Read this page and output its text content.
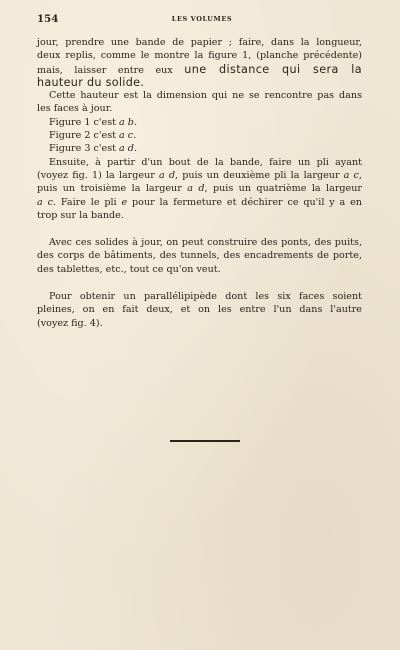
154	LES VOLUMES
jour, prendre une bande de papier ; faire, dans la longueur,
deux replis, comme le montre la figure 1, (planche précédente)
mais, laisser entre eux une distance qui sera la
hauteur du solide.
Cette hauteur est la dimension qui ne se rencontre pas dans
les faces à jour.
Figure 1 c'est a b.
Figure 2 c'est a c.
Figure 3 c'est a d.
Ensuite, à partir d'un bout de la bande, faire un pli ayant
(voyez fig. 1) la largeur a d, puis un deuxième pli la largeur a c,
puis un troisième la largeur a d, puis un quatrième la largeur
a c. Faire le pli e pour la fermeture et déchirer ce qu'il y a en
trop sur la bande.
Avec ces solides à jour, on peut construire des ponts, des puits,
des corps de bâtiments, des tunnels, des encadrements de porte,
des tablettes, etc., tout ce qu'on veut.
Pour obtenir un parallélipipède dont les six faces soient
pleines, on en fait deux, et on les entre l'un dans l'autre
(voyez fig. 4).
